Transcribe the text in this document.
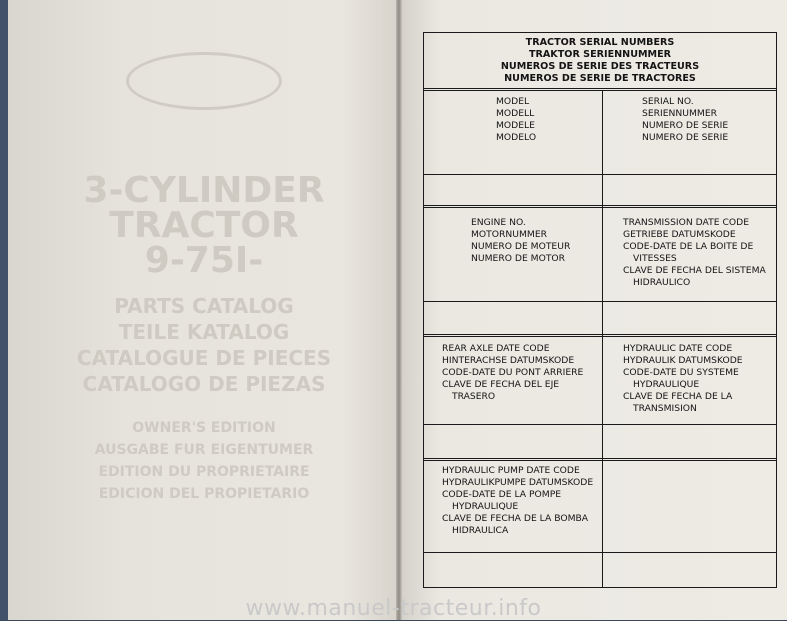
3-CYLINDER
TRACTOR
9-75I-
PARTS CATALOG
TEILE KATALOG
CATALOGUE DE PIECES
CATALOGO DE PIEZAS
OWNER'S EDITION
AUSGABE FUR EIGENTUMER
EDITION DU PROPRIETAIRE
EDICION DEL PROPIETARIO
TRACTOR SERIAL NUMBERS
TRAKTOR SERIENNUMMER
NUMEROS DE SERIE DES TRACTEURS
NUMEROS DE SERIE DE TRACTORES
MODEL
MODELL
MODELE
MODELO
SERIAL NO.
SERIENNUMMER
NUMERO DE SERIE
NUMERO DE SERIE
ENGINE NO.
MOTORNUMMER
NUMERO DE MOTEUR
NUMERO DE MOTOR
TRANSMISSION DATE CODE
GETRIEBE DATUMSKODE
CODE-DATE DE LA BOITE DE
VITESSES
CLAVE DE FECHA DEL SISTEMA
HIDRAULICO
REAR AXLE DATE CODE
HINTERACHSE DATUMSKODE
CODE-DATE DU PONT ARRIERE
CLAVE DE FECHA DEL EJE
TRASERO
HYDRAULIC DATE CODE
HYDRAULIK DATUMSKODE
CODE-DATE DU SYSTEME
HYDRAULIQUE
CLAVE DE FECHA DE LA
TRANSMISION
HYDRAULIC PUMP DATE CODE
HYDRAULIKPUMPE DATUMSKODE
CODE-DATE DE LA POMPE
HYDRAULIQUE
CLAVE DE FECHA DE LA BOMBA
HIDRAULICA
www.manuel-tracteur.info
